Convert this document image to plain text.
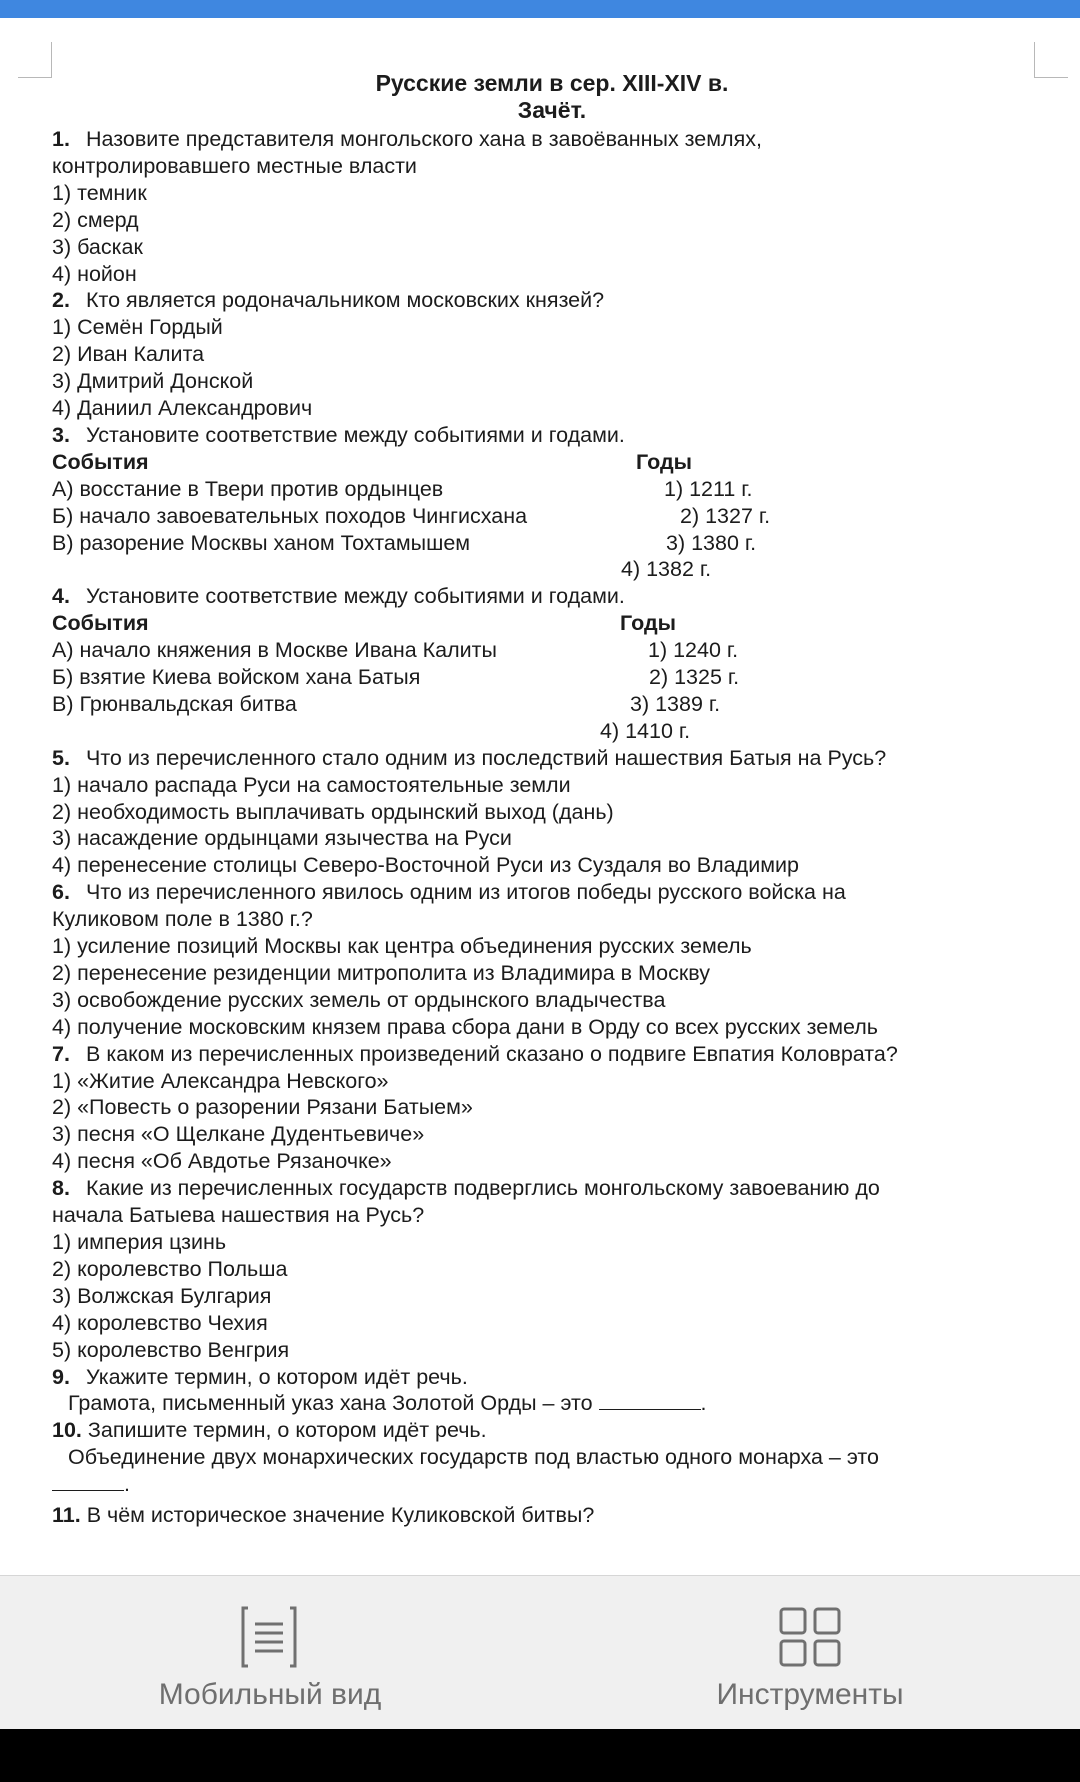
Русские земли в сер. XIII-XIV в.
Зачёт.
1. Назовите представителя монгольского хана в завоёванных землях,
контролировавшего местные власти
1) темник
2) смерд
3) баскак
4) нойон
2. Кто является родоначальником московских князей?
1) Семён Гордый
2) Иван Калита
3) Дмитрий Донской
4) Даниил Александрович
3. Установите соответствие между событиями и годами.
События	Годы
А) восстание в Твери против ордынцев	1) 1211 г.
Б) начало завоевательных походов Чингисхана	2) 1327 г.
В) разорение Москвы ханом Тохтамышем	3) 1380 г.
4) 1382 г.
4. Установите соответствие между событиями и годами.
События	Годы
А) начало княжения в Москве Ивана Калиты	1) 1240 г.
Б) взятие Киева войском хана Батыя	2) 1325 г.
В) Грюнвальдская битва	3) 1389 г.
4) 1410 г.
5. Что из перечисленного стало одним из последствий нашествия Батыя на Русь?
1) начало распада Руси на самостоятельные земли
2) необходимость выплачивать ордынский выход (дань)
3) насаждение ордынцами язычества на Руси
4) перенесение столицы Северо-Восточной Руси из Суздаля во Владимир
6. Что из перечисленного явилось одним из итогов победы русского войска на
Куликовом поле в 1380 г.?
1) усиление позиций Москвы как центра объединения русских земель
2) перенесение резиденции митрополита из Владимира в Москву
3) освобождение русских земель от ордынского владычества
4) получение московским князем права сбора дани в Орду со всех русских земель
7. В каком из перечисленных произведений сказано о подвиге Евпатия Коловрата?
1) «Житие Александра Невского»
2) «Повесть о разорении Рязани Батыем»
3) песня «О Щелкане Дудентьевиче»
4) песня «Об Авдотье Рязаночке»
8. Какие из перечисленных государств подверглись монгольскому завоеванию до
начала Батыева нашествия на Русь?
1) империя цзинь
2) королевство Польша
3) Волжская Булгария
4) королевство Чехия
5) королевство Венгрия
9. Укажите термин, о котором идёт речь.
Грамота, письменный указ хана Золотой Орды – это	.
10. Запишите термин, о котором идёт речь.
Объединение двух монархических государств под властью одного монарха – это
.
11. В чём историческое значение Куликовской битвы?
Мобильный вид	Инструменты
